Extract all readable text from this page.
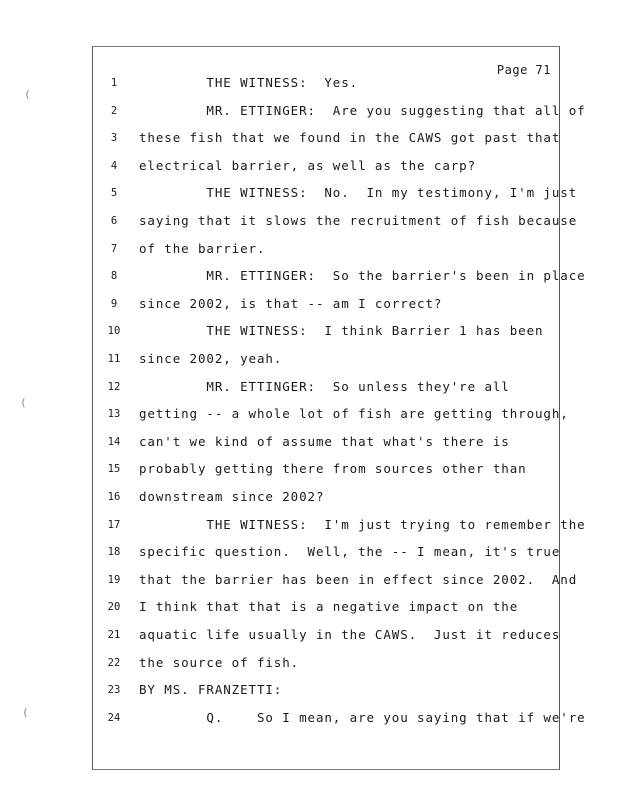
(
(
(
Page 71

1

	THE WITNESS:  Yes.

2

	MR. ETTINGER:  Are you suggesting that all of

3

	these fish that we found in the CAWS got past that

4

	electrical barrier, as well as the carp?

5

	THE WITNESS:  No.  In my testimony, I'm just

6

	saying that it slows the recruitment of fish because

7

	of the barrier.

8

	MR. ETTINGER:  So the barrier's been in place

9

	since 2002, is that -- am I correct?

10

	THE WITNESS:  I think Barrier 1 has been

11

	since 2002, yeah.

12

	MR. ETTINGER:  So unless they're all

13

	getting -- a whole lot of fish are getting through,

14

	can't we kind of assume that what's there is

15

	probably getting there from sources other than

16

	downstream since 2002?

17

	THE WITNESS:  I'm just trying to remember the

18

	specific question.  Well, the -- I mean, it's true

19

	that the barrier has been in effect since 2002.  And

20

	I think that that is a negative impact on the

21

	aquatic life usually in the CAWS.  Just it reduces

22

	the source of fish.

23

	BY MS. FRANZETTI:

24

	Q.    So I mean, are you saying that if we're
